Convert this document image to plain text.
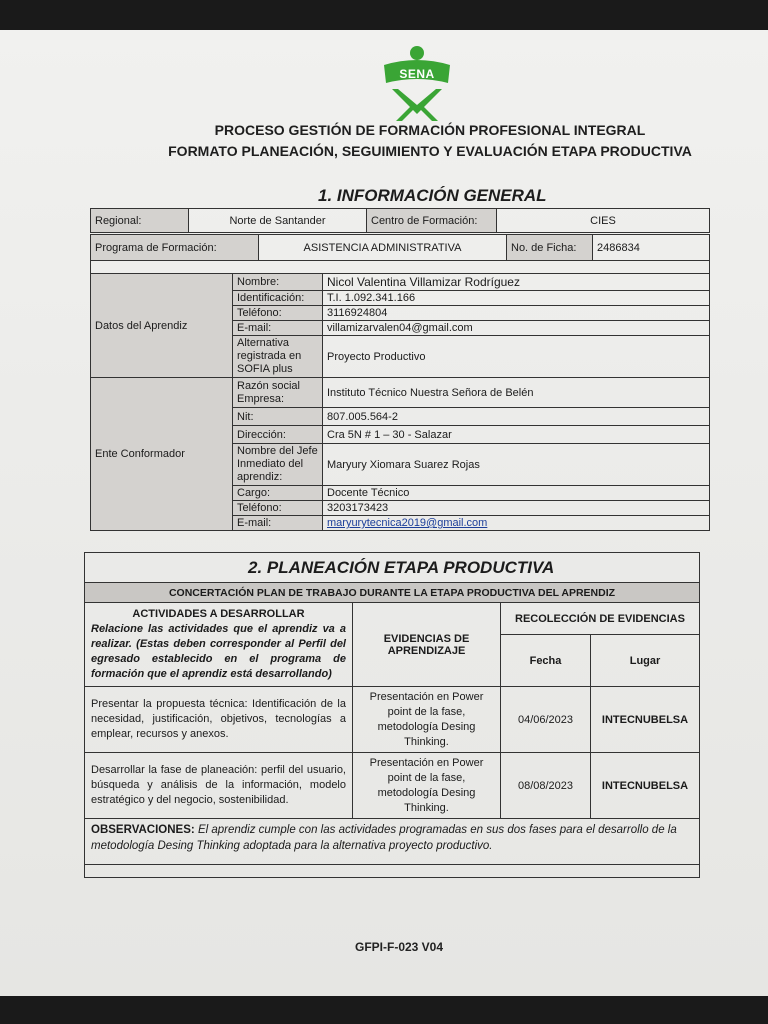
SENA
PROCESO GESTIÓN DE FORMACIÓN PROFESIONAL INTEGRAL
FORMATO PLANEACIÓN, SEGUIMIENTO Y EVALUACIÓN ETAPA PRODUCTIVA
1. INFORMACIÓN GENERAL
Regional:	Norte de Santander	Centro de Formación:	CIES
Programa de Formación:	ASISTENCIA ADMINISTRATIVA	No. de Ficha:	2486834

Datos del Aprendiz	Nombre:	Nicol Valentina Villamizar Rodríguez
	Identificación:	T.I. 1.092.341.166
	Teléfono:	3116924804
	E-mail:	villamizarvalen04@gmail.com
	Alternativa registrada en SOFIA plus	Proyecto Productivo
Ente Conformador	Razón social Empresa:	Instituto Técnico Nuestra Señora de Belén
	Nit:	807.005.564-2
	Dirección:	Cra 5N # 1 – 30 - Salazar
	Nombre del Jefe Inmediato del aprendiz:	Maryury Xiomara Suarez Rojas
	Cargo:	Docente Técnico
	Teléfono:	3203173423
	E-mail:	maryurytecnica2019@gmail.com
2. PLANEACIÓN ETAPA PRODUCTIVA
CONCERTACIÓN PLAN DE TRABAJO DURANTE LA ETAPA PRODUCTIVA DEL APRENDIZ			

ACTIVIDADES A DESARROLLAR
Relacione las actividades que el aprendiz va a realizar. (Estas deben corresponder al Perfil del egresado establecido en el programa de formación que el aprendiz está desarrollando)	EVIDENCIAS DE APRENDIZAJE	RECOLECCIÓN DE EVIDENCIAS	
		Fecha	Lugar
Presentar la propuesta técnica: Identificación de la necesidad, justificación, objetivos, tecnologías a emplear, recursos y anexos.	Presentación en Power point de la fase, metodología Desing Thinking.	04/06/2023	INTECNUBELSA
Desarrollar la fase de planeación: perfil del usuario, búsqueda y análisis de la información, modelo estratégico y del negocio, sostenibilidad.	Presentación en Power point de la fase, metodología Desing Thinking.	08/08/2023	INTECNUBELSA
OBSERVACIONES: El aprendiz cumple con las actividades programadas en sus dos fases para el desarrollo de la metodología Desing Thinking adoptada para la alternativa proyecto productivo.			
GFPI-F-023 V04
